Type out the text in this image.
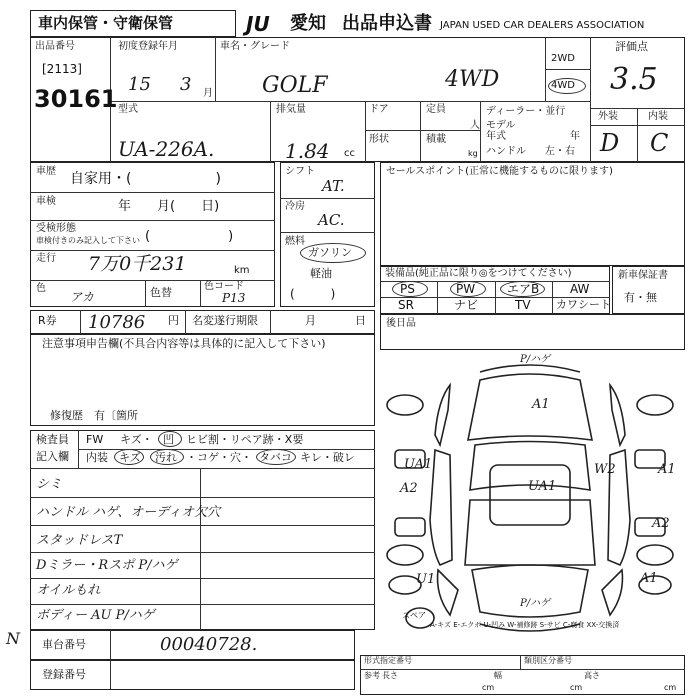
車内保管・守衛保管	JU 愛知 出品申込書 JAPAN USED CAR DEALERS ASSOCIATION
出品番号
[2113]
30161
初度登録年月
15 3 月
車名・グレード
GOLF	4WD
2WD
4WD
評価点
3.5
外装	内装
D C
型式
UA-226A.
排気量
1.84 cc
ドア
形状
定員
人
積載
kg
ディーラー・並行
モデル
年式	年
ハンドル 左・右
車歴 自家用・(　　　　　　)
車検	年　　月(　　日)
受検形態
車検付きのみ記入して下さい (　　　　　　)
走行 7万0千231	km
色
アカ	色替	色コード
P13
シフト
AT.
冷房
AC.
燃料
ガソリン
軽油
(　　　)
セールスポイント(正常に機能するものに限ります)
装備品(純正品に限り◎をつけてください)
PS	PW	エアB	AW
SR	ナビ	TV カワシート
新車保証書
有・無
R券 10786 円 名変遂行期限	月	日 後日品
注意事項申告欄(不具合内容等は具体的に記入して下さい)
修復歴　有〔箇所
検査員
記入欄
FW キズ・ 凹 ヒビ割・リペア跡・X要
内装 キズ 汚れ ・コゲ・穴・ タバコ キレ・破レ
シミ
ハンドル ハゲ、オーディオ欠穴
スタッドレスT
Dミラー・Rスポ P/ハゲ
オイルもれ
ボディー AU P/ハゲ
P/ハゲ
A1
UA1
UA1
A2
W2	A1
A2
U1	A1
P/ハゲ
スペア
A-キズ E-エクボ U-凹み W-補修跡 S-サビ C-腐食 XX-交換済
N 車台番号	00040728.
登録番号
形式指定番号	類別区分番号
参考 長さ
cm
幅
cm
高さ
cm
